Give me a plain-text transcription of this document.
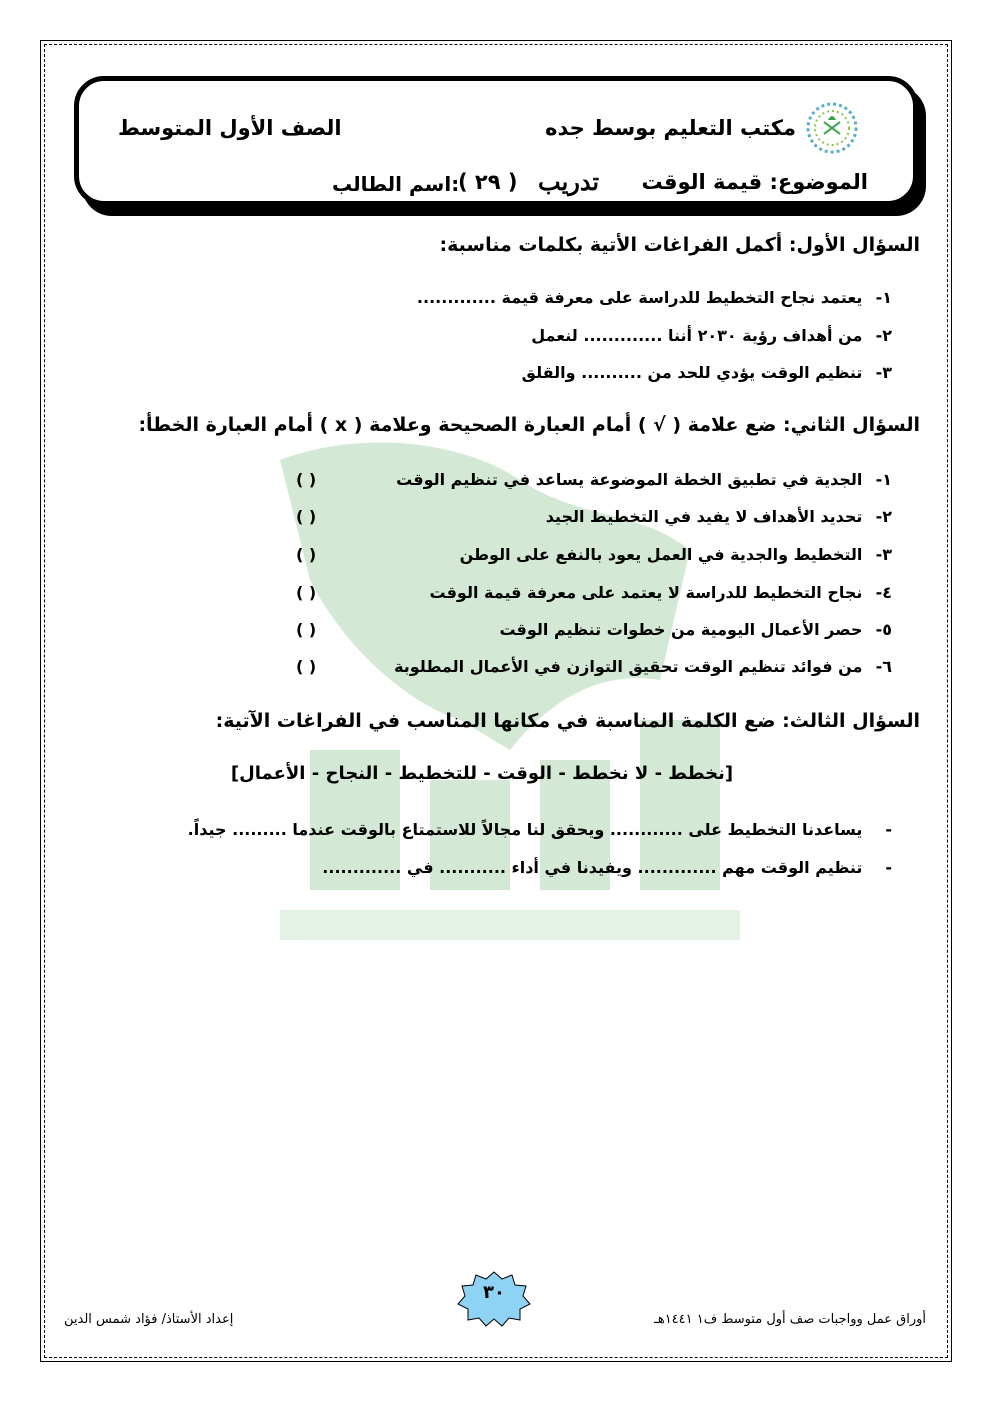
مكتب التعليم بوسط جده
الصف الأول المتوسط
الموضوع: قيمة الوقت
تدريب
( ٢٩ )
اسم الطالب:
السؤال الأول: أكمل الفراغات الأتية بكلمات مناسبة:
١- يعتمد نجاح التخطيط للدراسة على معرفة قيمة .............
٢- من أهداف رؤية ٢٠٣٠ أننا ............. لنعمل
٣- تنظيم الوقت يؤدي للحد من .......... والقلق
السؤال الثاني: ضع علامة ( √ ) أمام العبارة الصحيحة وعلامة ( x ) أمام العبارة الخطأ:
١- الجدية في تطبيق الخطة الموضوعة يساعد في تنظيم الوقت
( )
٢- تحديد الأهداف لا يفيد في التخطيط الجيد
( )
٣- التخطيط والجدية في العمل يعود بالنفع على الوطن
( )
٤- نجاح التخطيط للدراسة لا يعتمد على معرفة قيمة الوقت
( )
٥- حصر الأعمال اليومية من خطوات تنظيم الوقت
( )
٦- من فوائد تنظيم الوقت تحقيق التوازن في الأعمال المطلوبة
( )
السؤال الثالث: ضع الكلمة المناسبة في مكانها المناسب في الفراغات الآتية:
[نخطط - لا نخطط - الوقت - للتخطيط - النجاح - الأعمال]
- يساعدنا التخطيط على ............ ويحقق لنا مجالاً للاستمتاع بالوقت عندما ......... جيداً.
- تنظيم الوقت مهم ............. ويفيدنا في أداء ........... في .............
٣٠
إعداد الأستاذ/ فؤاد شمس الدين	أوراق عمل وواجبات صف أول متوسط ف١ ١٤٤١هـ
